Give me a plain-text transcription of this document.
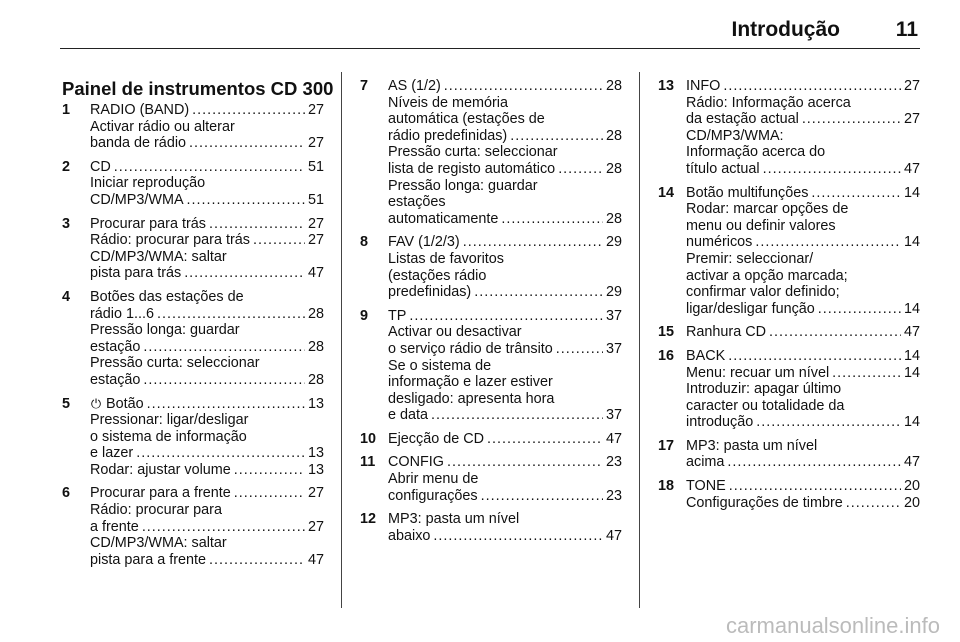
Introdução	11
Painel de instrumentos CD 300
1 RADIO (BAND) .....	27
Activar rádio ou alterar
banda de rádio .....	27
2 CD .....	51
Iniciar reprodução
CD/MP3/WMA .....	51
3 Procurar para trás .....	27
Rádio: procurar para trás .....	27
CD/MP3/WMA: saltar
pista para trás .....	47
4 Botões das estações de
rádio 1...6 .....	28
Pressão longa: guardar
estação .....	28
Pressão curta: seleccionar
estação .....	28
5 ⏻ Botão .....	13
Pressionar: ligar/desligar
o sistema de informação
e lazer .....	13
Rodar: ajustar volume .....	13
6 Procurar para a frente .....	27
Rádio: procurar para
a frente .....	27
CD/MP3/WMA: saltar
pista para a frente .....	47
7 AS (1/2) .....	28
Níveis de memória
automática (estações de
rádio predefinidas) .....	28
Pressão curta: seleccionar
lista de registo automático .....	28
Pressão longa: guardar
estações
automaticamente .....	28
8 FAV (1/2/3) .....	29
Listas de favoritos
(estações rádio
predefinidas) .....	29
9 TP .....	37
Activar ou desactivar
o serviço rádio de trânsito .....	37
Se o sistema de
informação e lazer estiver
desligado: apresenta hora
e data .....	37
10 Ejecção de CD .....	47
11 CONFIG .....	23
Abrir menu de
configurações .....	23
12 MP3: pasta um nível
abaixo .....	47
13 INFO .....	27
Rádio: Informação acerca
da estação actual .....	27
CD/MP3/WMA:
Informação acerca do
título actual .....	47
14 Botão multifunções .....	14
Rodar: marcar opções de
menu ou definir valores
numéricos .....	14
Premir: seleccionar/
activar a opção marcada;
confirmar valor definido;
ligar/desligar função .....	14
15 Ranhura CD .....	47
16 BACK .....	14
Menu: recuar um nível .....	14
Introduzir: apagar último
caracter ou totalidade da
introdução .....	14
17 MP3: pasta um nível
acima .....	47
18 TONE .....	20
Configurações de timbre .....	20
carmanualsonline.info
